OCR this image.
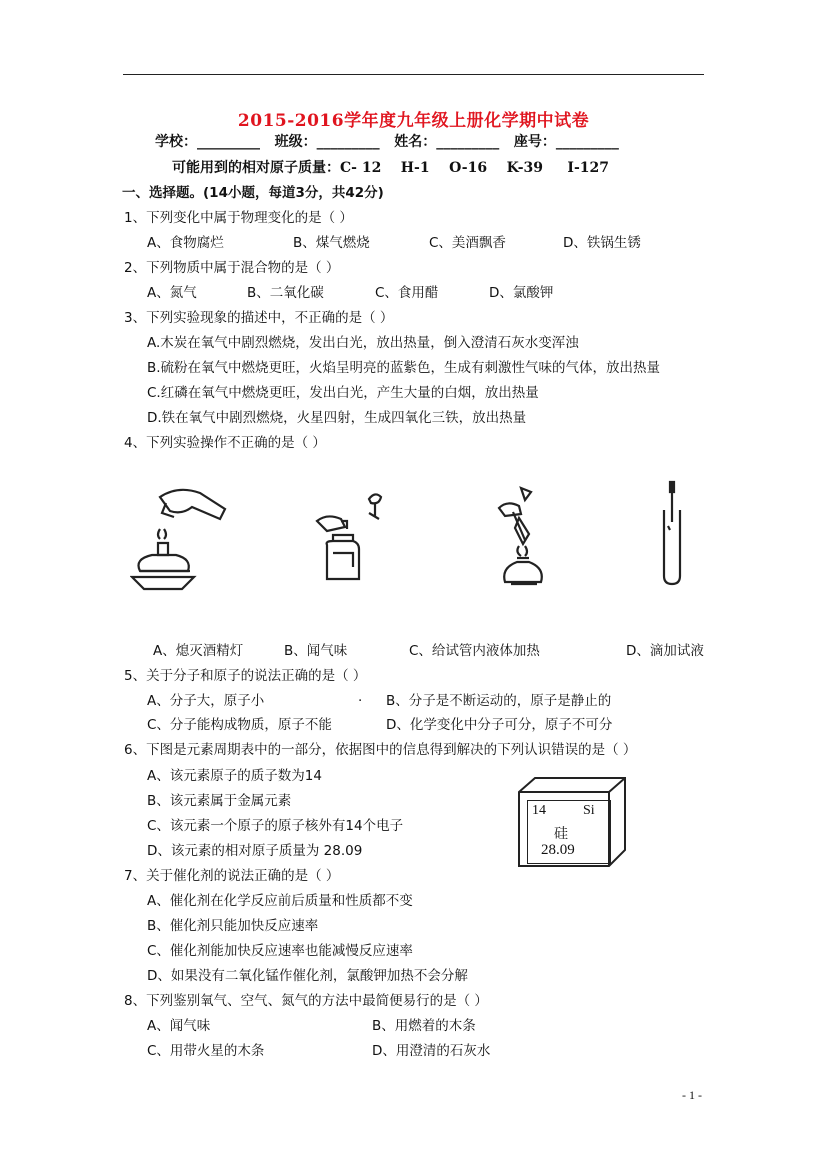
2015-2016学年度九年级上册化学期中试卷
学校：_________   班级：_________   姓名：_________   座号：_________
可能用到的相对原子质量：C- 12    H-1    O-16    K-39     I-127
一、选择题。(14小题，每道3分，共42分)
1、下列变化中属于物理变化的是（ ）
A、食物腐烂	B、煤气燃烧	C、美酒飘香	D、铁锅生锈
2、下列物质中属于混合物的是（ ）
A、氮气	B、二氧化碳	C、食用醋	D、氯酸钾
3、下列实验现象的描述中，不正确的是（ ）
A.木炭在氧气中剧烈燃烧，发出白光，放出热量，倒入澄清石灰水变浑浊
B.硫粉在氧气中燃烧更旺，火焰呈明亮的蓝紫色，生成有刺激性气味的气体，放出热量
C.红磷在氧气中燃烧更旺，发出白光，产生大量的白烟，放出热量
D.铁在氧气中剧烈燃烧，火星四射，生成四氧化三铁，放出热量
4、下列实验操作不正确的是（ ）
A、熄灭酒精灯	B、闻气味	C、给试管内液体加热	D、滴加试液
5、关于分子和原子的说法正确的是（ ）
A、分子大，原子小	. B、分子是不断运动的，原子是静止的
C、分子能构成物质，原子不能	D、化学变化中分子可分，原子不可分
6、下图是元素周期表中的一部分，依据图中的信息得到解决的下列认识错误的是（ ）
A、该元素原子的质子数为14
B、该元素属于金属元素
C、该元素一个原子的原子核外有14个电子
D、该元素的相对原子质量为 28.09
14	Si
硅
28.09
7、关于催化剂的说法正确的是（ ）
A、催化剂在化学反应前后质量和性质都不变
B、催化剂只能加快反应速率
C、催化剂能加快反应速率也能减慢反应速率
D、如果没有二氧化锰作催化剂，氯酸钾加热不会分解
8、下列鉴别氧气、空气、氮气的方法中最简便易行的是（ ）
A、闻气味	B、用燃着的木条
C、用带火星的木条	D、用澄清的石灰水
- 1 -
